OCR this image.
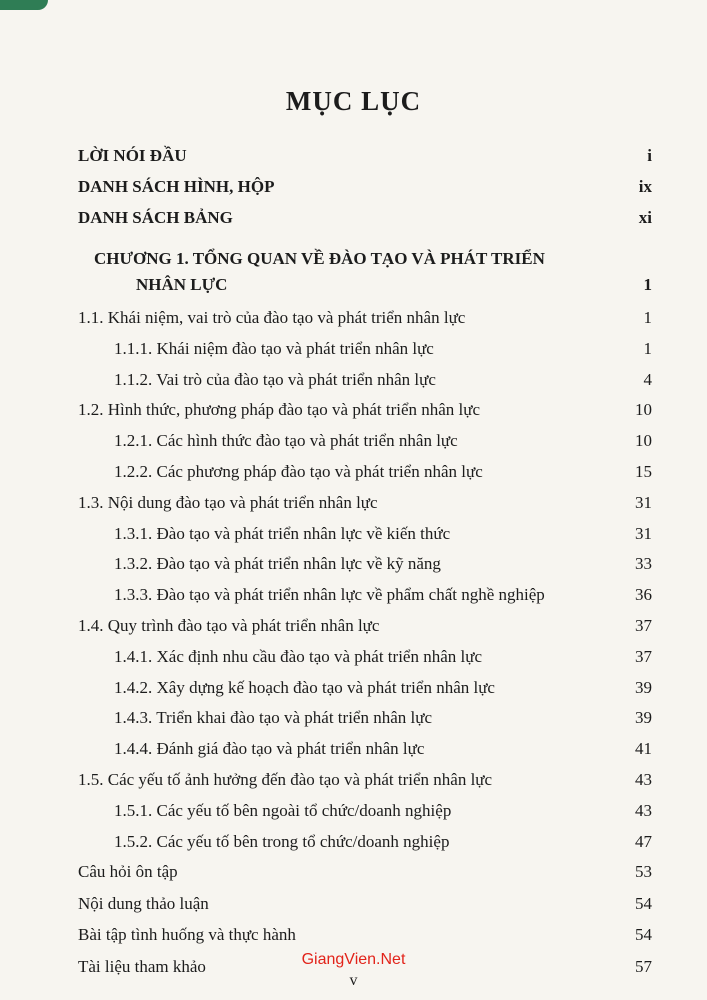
MỤC LỤC
LỜI NÓI ĐẦU	i
DANH SÁCH HÌNH, HỘP	ix
DANH SÁCH BẢNG	xi
CHƯƠNG 1. TỔNG QUAN VỀ ĐÀO TẠO VÀ PHÁT TRIỂN
NHÂN LỰC	1
1.1. Khái niệm, vai trò của đào tạo và phát triển nhân lực	1
1.1.1. Khái niệm đào tạo và phát triển nhân lực	1
1.1.2. Vai trò của đào tạo và phát triển nhân lực	4
1.2. Hình thức, phương pháp đào tạo và phát triển nhân lực	10
1.2.1. Các hình thức đào tạo và phát triển nhân lực	10
1.2.2. Các phương pháp đào tạo và phát triển nhân lực	15
1.3. Nội dung đào tạo và phát triển nhân lực	31
1.3.1. Đào tạo và phát triển nhân lực về kiến thức	31
1.3.2. Đào tạo và phát triển nhân lực về kỹ năng	33
1.3.3. Đào tạo và phát triển nhân lực về phẩm chất nghề nghiệp	36
1.4. Quy trình đào tạo và phát triển nhân lực	37
1.4.1. Xác định nhu cầu đào tạo và phát triển nhân lực	37
1.4.2. Xây dựng kế hoạch đào tạo và phát triển nhân lực	39
1.4.3. Triển khai đào tạo và phát triển nhân lực	39
1.4.4. Đánh giá đào tạo và phát triển nhân lực	41
1.5. Các yếu tố ảnh hưởng đến đào tạo và phát triển nhân lực	43
1.5.1. Các yếu tố bên ngoài tổ chức/doanh nghiệp	43
1.5.2. Các yếu tố bên trong tổ chức/doanh nghiệp	47
Câu hỏi ôn tập	53
Nội dung thảo luận	54
Bài tập tình huống và thực hành	54
Tài liệu tham khảo	57
GiangVien.Net
v
